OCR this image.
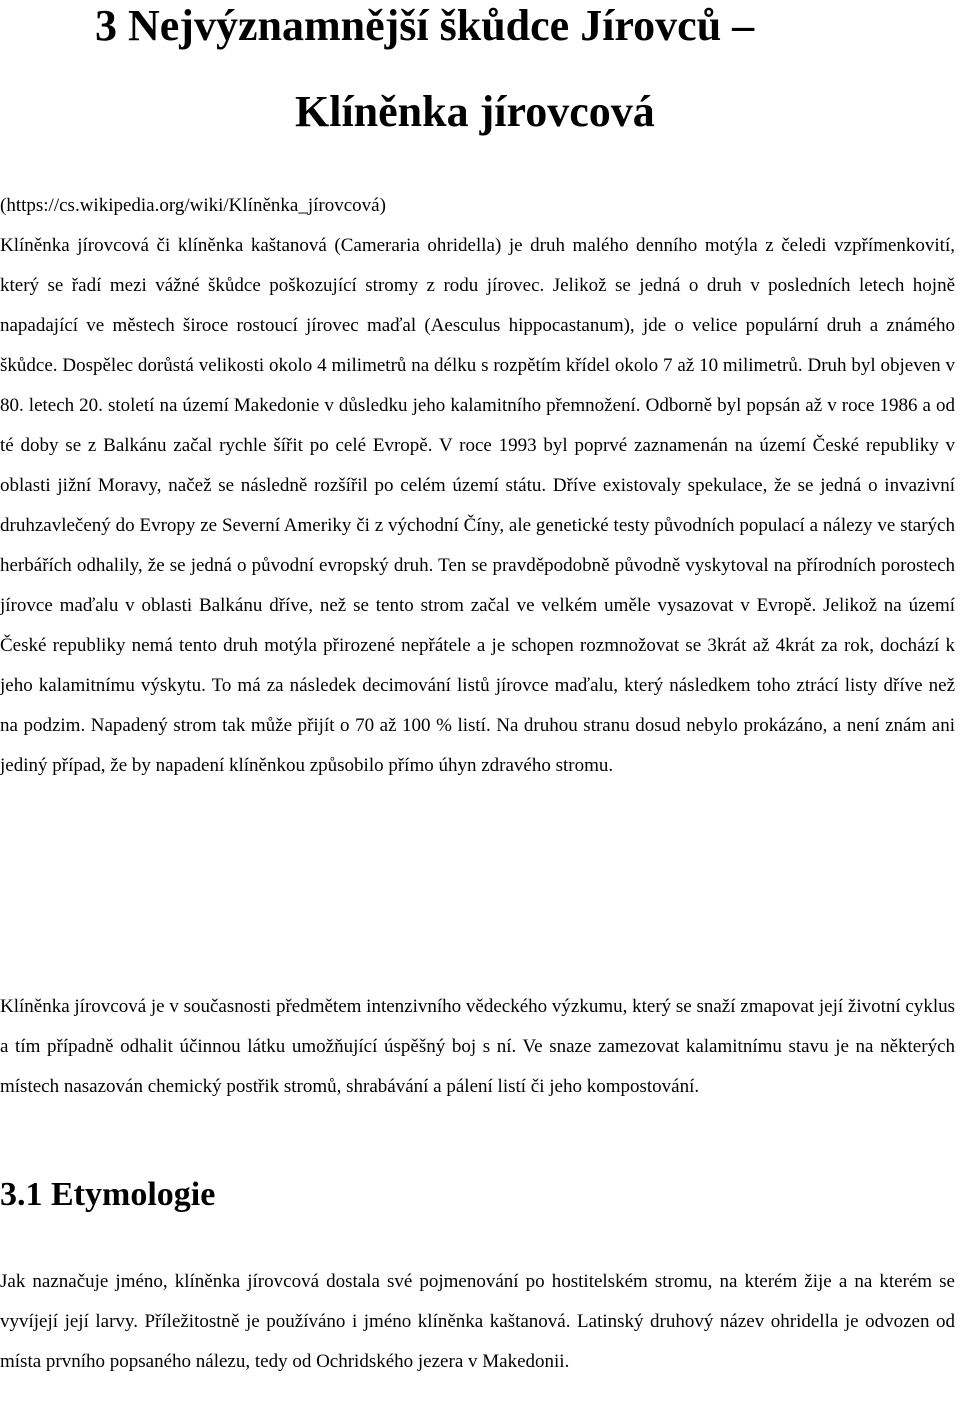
3 Nejvýznamnější škůdce Jírovců –
Klíněnka jírovcová
(https://cs.wikipedia.org/wiki/Klíněnka_jírovcová)

Klíněnka jírovcová či klíněnka kaštanová (Cameraria ohridella) je druh malého denního motýla z čeledi vzpřímenkovití, který se řadí mezi vážné škůdce poškozující stromy z rodu jírovec. Jelikož se jedná o druh v posledních letech hojně napadající ve městech široce rostoucí jírovec maďal (Aesculus hippocastanum), jde o velice populární druh a známého škůdce. Dospělec dorůstá velikosti okolo 4 milimetrů na délku s rozpětím křídel okolo 7 až 10 milimetrů. Druh byl objeven v 80. letech 20. století na území Makedonie v důsledku jeho kalamitního přemnožení. Odborně byl popsán až v roce 1986 a od té doby se z Balkánu začal rychle šířit po celé Evropě. V roce 1993 byl poprvé zaznamenán na území České republiky v oblasti jižní Moravy, načež se následně rozšířil po celém území státu. Dříve existovaly spekulace, že se jedná o invazivní druhzavlečený do Evropy ze Severní Ameriky či z východní Číny, ale genetické testy původních populací a nálezy ve starých herbářích odhalily, že se jedná o původní evropský druh. Ten se pravděpodobně původně vyskytoval na přírodních porostech jírovce maďalu v oblasti Balkánu dříve, než se tento strom začal ve velkém uměle vysazovat v Evropě. Jelikož na území České republiky nemá tento druh motýla přirozené nepřátele a je schopen rozmnožovat se 3krát až 4krát za rok, dochází k jeho kalamitnímu výskytu. To má za následek decimování listů jírovce maďalu, který následkem toho ztrácí listy dříve než na podzim. Napadený strom tak může přijít o 70 až 100 % listí. Na druhou stranu dosud nebylo prokázáno, a není znám ani jediný případ, že by napadení klíněnkou způsobilo přímo úhyn zdravého stromu.

Klíněnka jírovcová je v současnosti předmětem intenzivního vědeckého výzkumu, který se snaží zmapovat její životní cyklus a tím případně odhalit účinnou látku umožňující úspěšný boj s ní. Ve snaze zamezovat kalamitnímu stavu je na některých místech nasazován chemický postřik stromů, shrabávání a pálení listí či jeho kompostování.

3.1 Etymologie

Jak naznačuje jméno, klíněnka jírovcová dostala své pojmenování po hostitelském stromu, na kterém žije a na kterém se vyvíjejí její larvy. Příležitostně je používáno i jméno klíněnka kaštanová. Latinský druhový název ohridella je odvozen od místa prvního popsaného nálezu, tedy od Ochridského jezera v Makedonii.
